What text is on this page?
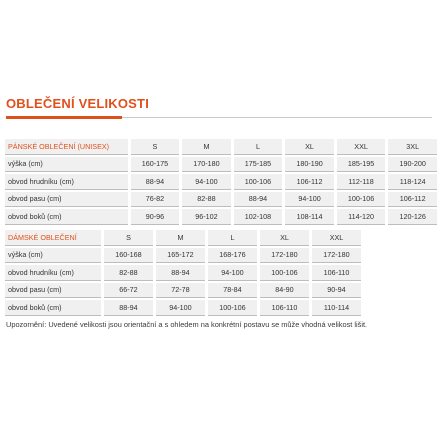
OBLEČENÍ VELIKOSTI
PÁNSKÉ OBLEČENÍ (UNISEX)	S	M	L	XL	XXL	3XL
výška (cm)	160-175	170-180	175-185	180-190	185-195	190-200
obvod hrudníku (cm)	88-94	94-100	100-106	106-112	112-118	118-124
obvod pasu (cm)	76-82	82-88	88-94	94-100	100-106	106-112
obvod boků (cm)	90-96	96-102	102-108	108-114	114-120	120-126
DÁMSKÉ OBLEČENÍ	S	M	L	XL	XXL
výška (cm)	160-168	165-172	168-176	172-180	172-180
obvod hrudníku (cm)	82-88	88-94	94-100	100-106	106-110
obvod pasu (cm)	66-72	72-78	78-84	84-90	90-94
obvod boků (cm)	88-94	94-100	100-106	106-110	110-114
Upozornění: Uvedené velikosti jsou orientační a s ohledem na konkrétní postavu se může vhodná velikost lišit.
